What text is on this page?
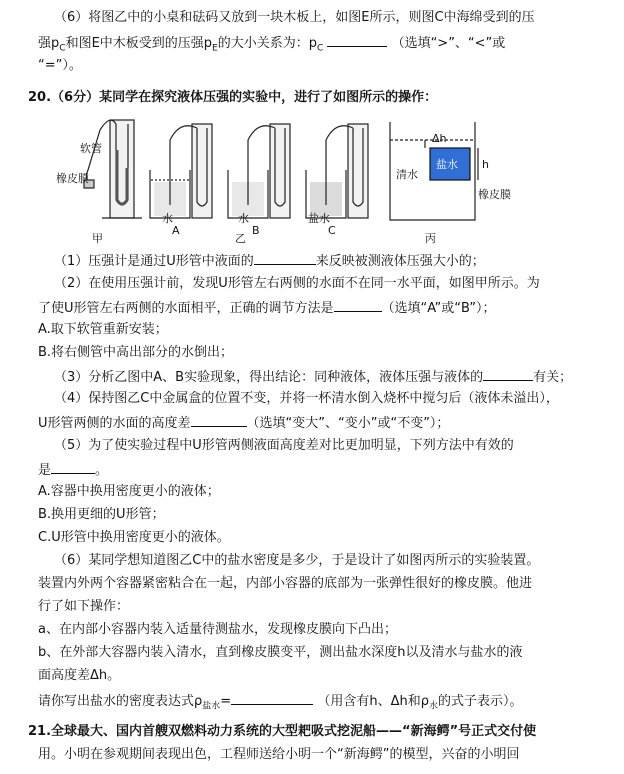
（6）将图乙中的小桌和砝码又放到一块木板上，如图E所示，则图C中海绵受到的压
强$p_C$和图E中木板受到的压强$p_E$的大小关系为：$p_C$	（选填“>”、“<”或
“=”）。
20.（6分）某同学在探究液体压强的实验中，进行了如图所示的操作：
软管
橡皮膜
水
A
水
B
盐水
C
清水
盐水
Δh
h
橡皮膜
甲	乙	丙
（1）压强计是通过U形管中液面的	来反映被测液体压强大小的；
（2）在使用压强计前，发现U形管左右两侧的水面不在同一水平面，如图甲所示。为
了使U形管左右两侧的水面相平，正确的调节方法是	（选填“A”或“B”）；
A.取下软管重新安装；
B.将右侧管中高出部分的水倒出；
（3）分析乙图中A、B实验现象，得出结论：同种液体，液体压强与液体的	有关；
（4）保持图乙C中金属盒的位置不变，并将一杯清水倒入烧杯中搅匀后（液体未溢出），
U形管两侧的水面的高度差	（选填“变大”、“变小”或“不变”）；
（5）为了使实验过程中U形管两侧液面高度差对比更加明显，下列方法中有效的
是	。
A.容器中换用密度更小的液体；
B.换用更细的U形管；
C.U形管中换用密度更小的液体。
（6）某同学想知道图乙C中的盐水密度是多少，于是设计了如图丙所示的实验装置。
装置内外两个容器紧密粘合在一起，内部小容器的底部为一张弹性很好的橡皮膜。他进
行了如下操作：
a、在内部小容器内装入适量待测盐水，发现橡皮膜向下凸出；
b、在外部大容器内装入清水，直到橡皮膜变平，测出盐水深度h以及清水与盐水的液
面高度差Δh。
请你写出盐水的密度表达式$\rho_{盐水}=$	（用含有h、Δh和$\rho_水$的式子表示）。
21.全球最大、国内首艘双燃料动力系统的大型耙吸式挖泥船——“新海鳄”号正式交付使
用。小明在参观期间表现出色，工程师送给小明一个“新海鳄”的模型，兴奋的小明回
